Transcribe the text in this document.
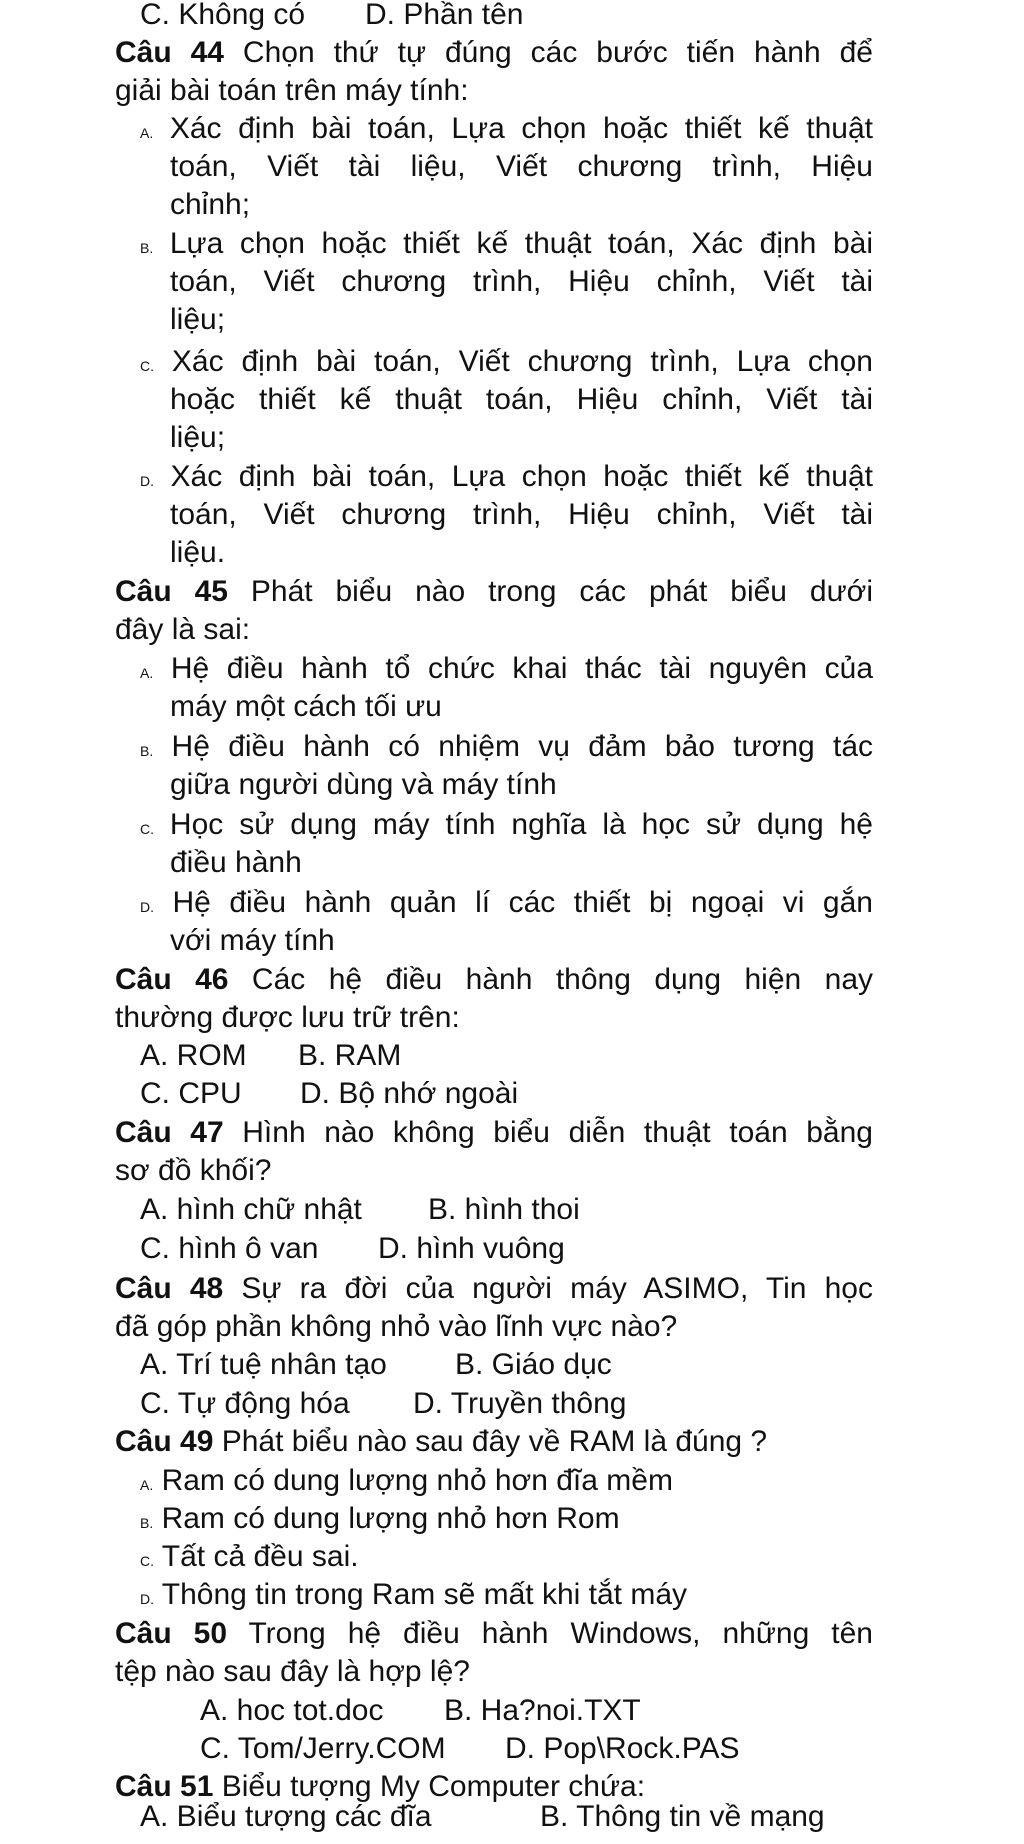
C. Không có D. Phần tên
Câu 44 Chọn thứ tự đúng các bước tiến hành để
giải bài toán trên máy tính:
A. Xác định bài toán, Lựa chọn hoặc thiết kế thuật
toán, Viết tài liệu, Viết chương trình, Hiệu
chỉnh;
B. Lựa chọn hoặc thiết kế thuật toán, Xác định bài
toán, Viết chương trình, Hiệu chỉnh, Viết tài
liệu;
C. Xác định bài toán, Viết chương trình, Lựa chọn
hoặc thiết kế thuật toán, Hiệu chỉnh, Viết tài
liệu;
D. Xác định bài toán, Lựa chọn hoặc thiết kế thuật
toán, Viết chương trình, Hiệu chỉnh, Viết tài
liệu.
Câu 45 Phát biểu nào trong các phát biểu dưới
đây là sai:
A. Hệ điều hành tổ chức khai thác tài nguyên của
máy một cách tối ưu
B. Hệ điều hành có nhiệm vụ đảm bảo tương tác
giữa người dùng và máy tính
C. Học sử dụng máy tính nghĩa là học sử dụng hệ
điều hành
D. Hệ điều hành quản lí các thiết bị ngoại vi gắn
với máy tính
Câu 46 Các hệ điều hành thông dụng hiện nay
thường được lưu trữ trên:
A. ROM B. RAM
C. CPU D. Bộ nhớ ngoài
Câu 47 Hình nào không biểu diễn thuật toán bằng
sơ đồ khối?
A. hình chữ nhật B. hình thoi
C. hình ô van D. hình vuông
Câu 48 Sự ra đời của người máy ASIMO, Tin học
đã góp phần không nhỏ vào lĩnh vực nào?
A. Trí tuệ nhân tạo B. Giáo dục
C. Tự động hóa D. Truyền thông
Câu 49 Phát biểu nào sau đây về RAM là đúng ?
A. Ram có dung lượng nhỏ hơn đĩa mềm
B. Ram có dung lượng nhỏ hơn Rom
C. Tất cả đều sai.
D. Thông tin trong Ram sẽ mất khi tắt máy
Câu 50 Trong hệ điều hành Windows, những tên
tệp nào sau đây là hợp lệ?
A. hoc tot.doc B. Ha?noi.TXT
C. Tom/Jerry.COM D. Pop\Rock.PAS
Câu 51 Biểu tượng My Computer chứa:
A. Biểu tượng các đĩa	B. Thông tin về mạng
